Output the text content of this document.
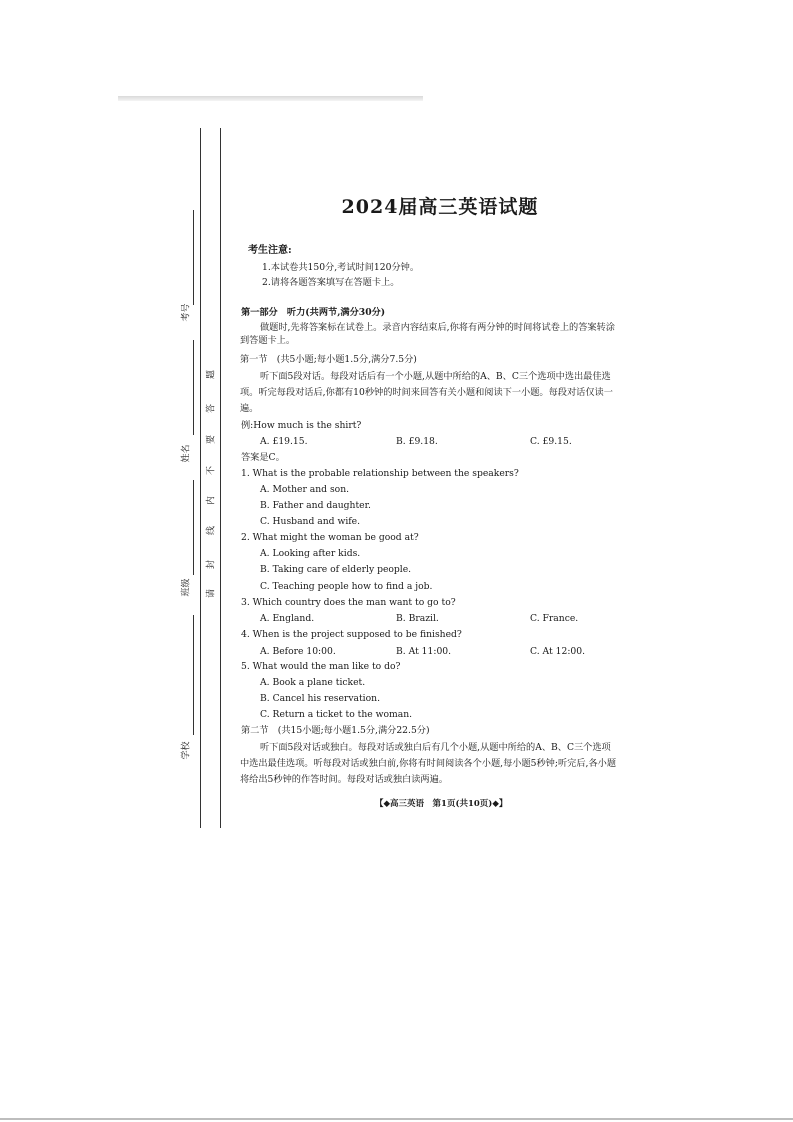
考号
姓名
班级
学校
请
封
线
内
不
要
答
题
2024届高三英语试题
考生注意:
1.本试卷共150分,考试时间120分钟。
2.请将各题答案填写在答题卡上。
第一部分　听力(共两节,满分30分)
做题时,先将答案标在试卷上。录音内容结束后,你将有两分钟的时间将试卷上的答案转涂到答题卡上。
第一节　(共5小题;每小题1.5分,满分7.5分)
听下面5段对话。每段对话后有一个小题,从题中所给的A、B、C三个选项中选出最佳选项。听完每段对话后,你都有10秒钟的时间来回答有关小题和阅读下一小题。每段对话仅读一遍。
例:How much is the shirt?
A. £19.15.	B. £9.18.	C. £9.15.
答案是C。
1. What is the probable relationship between the speakers?
A. Mother and son.
B. Father and daughter.
C. Husband and wife.
2. What might the woman be good at?
A. Looking after kids.
B. Taking care of elderly people.
C. Teaching people how to find a job.
3. Which country does the man want to go to?
A. England.	B. Brazil.	C. France.
4. When is the project supposed to be finished?
A. Before 10:00.	B. At 11:00.	C. At 12:00.
5. What would the man like to do?
A. Book a plane ticket.
B. Cancel his reservation.
C. Return a ticket to the woman.
第二节　(共15小题;每小题1.5分,满分22.5分)
听下面5段对话或独白。每段对话或独白后有几个小题,从题中所给的A、B、C三个选项中选出最佳选项。听每段对话或独白前,你将有时间阅读各个小题,每小题5秒钟;听完后,各小题将给出5秒钟的作答时间。每段对话或独白读两遍。
【◆高三英语　第1页(共10页)◆】
